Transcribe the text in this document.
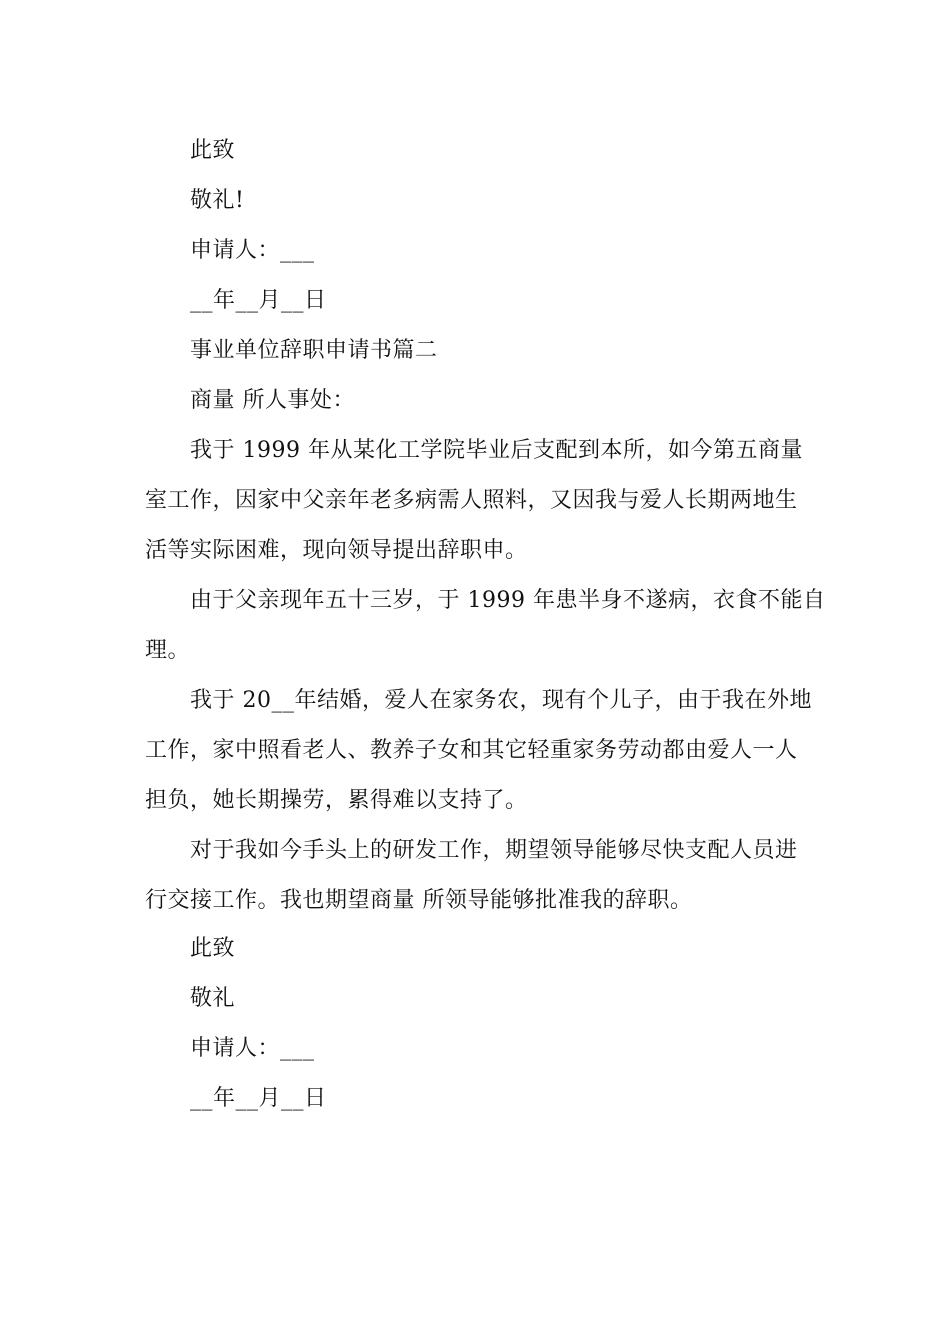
此致
敬礼!
申请人：___
__年__月__日
事业单位辞职申请书篇二
商量 所人事处：
我于 1999 年从某化工学院毕业后支配到本所，如今第五商量
室工作，因家中父亲年老多病需人照料，又因我与爱人长期两地生
活等实际困难，现向领导提出辞职申。
由于父亲现年五十三岁，于 1999 年患半身不遂病，衣食不能自
理。
我于 20__年结婚，爱人在家务农，现有个儿子，由于我在外地
工作，家中照看老人、教养子女和其它轻重家务劳动都由爱人一人
担负，她长期操劳，累得难以支持了。
对于我如今手头上的研发工作，期望领导能够尽快支配人员进
行交接工作。我也期望商量 所领导能够批准我的辞职。
此致
敬礼
申请人：___
__年__月__日
